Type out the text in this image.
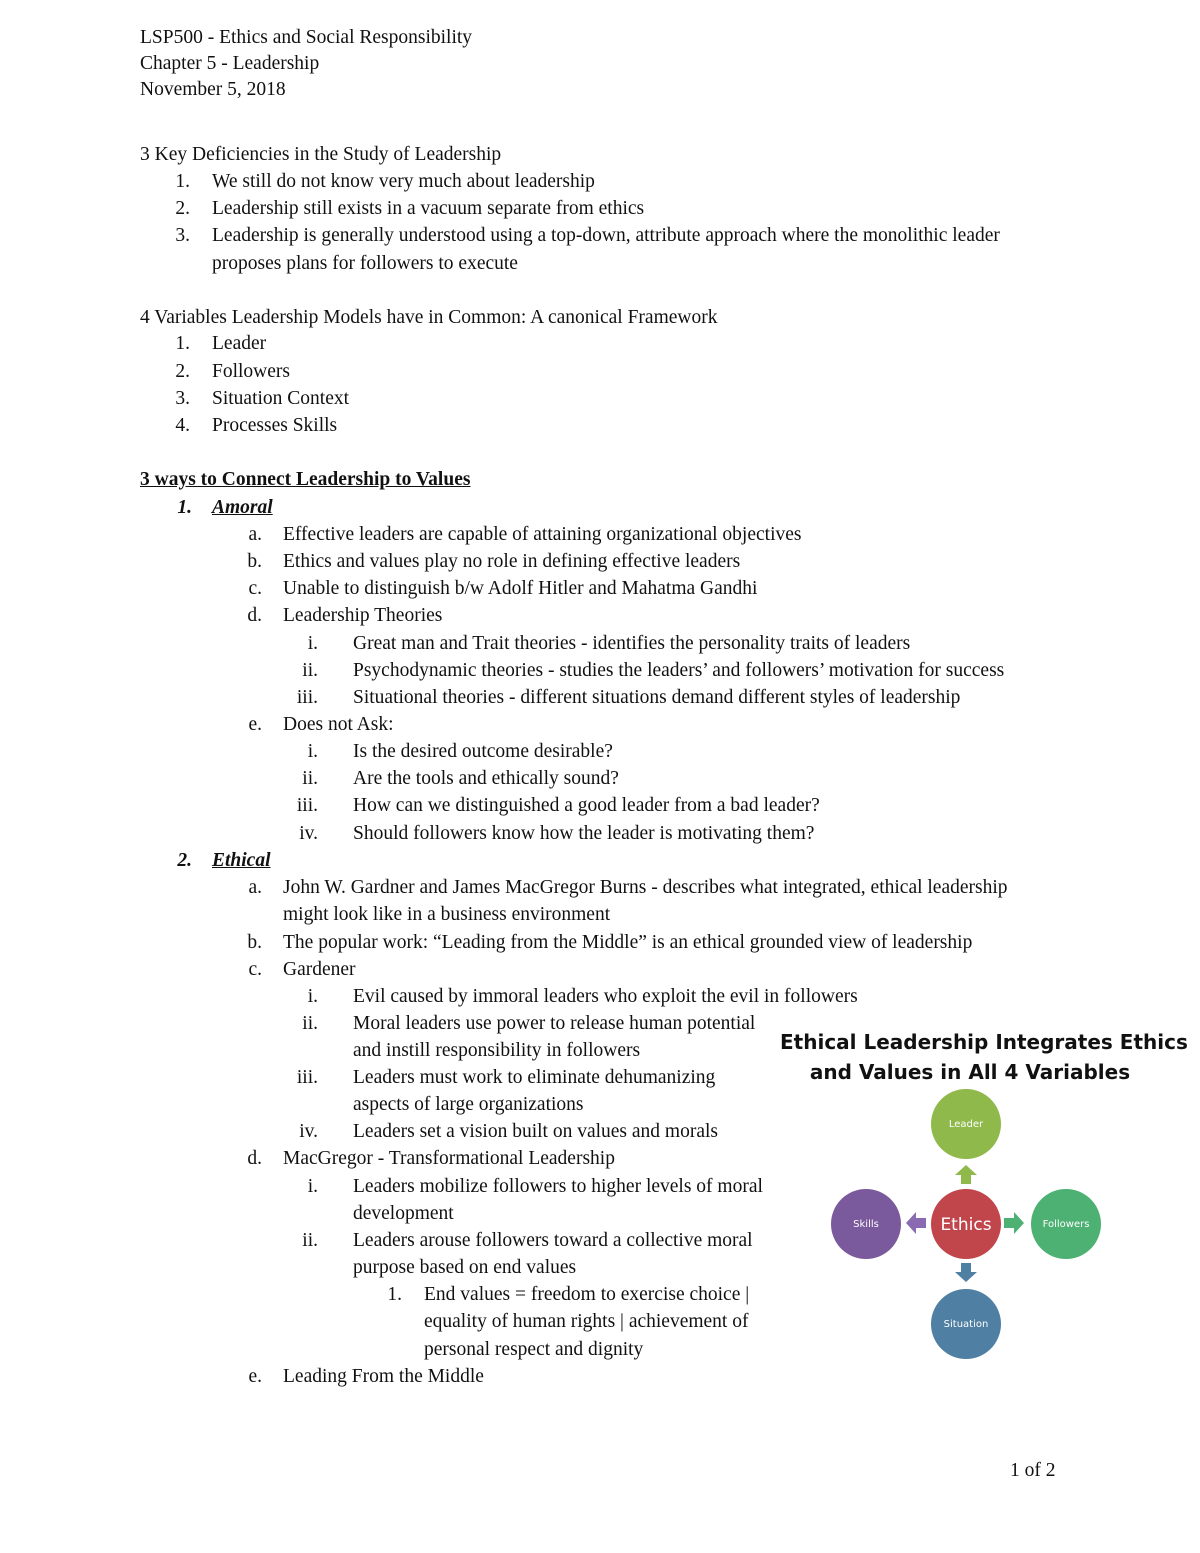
LSP500 - Ethics and Social Responsibility
Chapter 5 - Leadership
November 5, 2018
3 Key Deficiencies in the Study of Leadership
1. We still do not know very much about leadership
2. Leadership still exists in a vacuum separate from ethics
3. Leadership is generally understood using a top-down, attribute approach where the monolithic leader
proposes plans for followers to execute
4 Variables Leadership Models have in Common: A canonical Framework
1. Leader
2. Followers
3. Situation Context
4. Processes Skills
3 ways to Connect Leadership to Values
1. Amoral
a. Effective leaders are capable of attaining organizational objectives
b. Ethics and values play no role in defining effective leaders
c. Unable to distinguish b/w Adolf Hitler and Mahatma Gandhi
d. Leadership Theories
i. Great man and Trait theories - identifies the personality traits of leaders
ii. Psychodynamic theories - studies the leaders’ and followers’ motivation for success
iii. Situational theories - different situations demand different styles of leadership
e. Does not Ask:
i. Is the desired outcome desirable?
ii. Are the tools and ethically sound?
iii. How can we distinguished a good leader from a bad leader?
iv. Should followers know how the leader is motivating them?
2. Ethical
a. John W. Gardner and James MacGregor Burns - describes what integrated, ethical leadership
might look like in a business environment
b. The popular work: “Leading from the Middle” is an ethical grounded view of leadership
c. Gardener
i. Evil caused by immoral leaders who exploit the evil in followers
ii. Moral leaders use power to release human potential
and instill responsibility in followers
iii. Leaders must work to eliminate dehumanizing
aspects of large organizations
iv. Leaders set a vision built on values and morals
d. MacGregor - Transformational Leadership
i. Leaders mobilize followers to higher levels of moral
development
ii. Leaders arouse followers toward a collective moral
purpose based on end values
1. End values = freedom to exercise choice |
equality of human rights | achievement of
personal respect and dignity
e. Leading From the Middle
Ethical Leadership Integrates Ethics
and Values in All 4 Variables
Leader
Followers
Situation
Skills	Ethics
1 of 2
